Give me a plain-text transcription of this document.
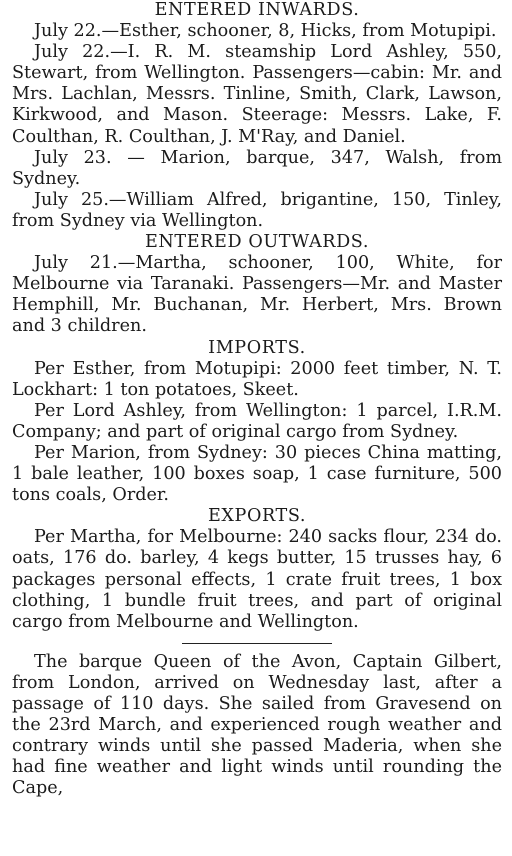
ENTERED INWARDS.

July 22.—Esther, schooner, 8, Hicks, from Motupipi.

July 22.—I. R. M. steamship Lord Ashley, 550, Stewart, from Wellington. Passengers—cabin: Mr. and Mrs. Lachlan, Messrs. Tinline, Smith, Clark, Lawson, Kirkwood, and Mason. Steerage: Messrs. Lake, F. Coulthan, R. Coulthan, J. M'Ray, and Daniel.

July 23. — Marion, barque, 347, Walsh, from Sydney.

July 25.—William Alfred, brigantine, 150, Tinley, from Sydney via Wellington.

ENTERED OUTWARDS.

July 21.—Martha, schooner, 100, White, for Melbourne via Taranaki. Passengers—Mr. and Master Hemphill, Mr. Buchanan, Mr. Herbert, Mrs. Brown and 3 children.

IMPORTS.

Per Esther, from Motupipi: 2000 feet timber, N. T. Lockhart: 1 ton potatoes, Skeet.

Per Lord Ashley, from Wellington: 1 parcel, I.R.M. Company; and part of original cargo from Sydney.

Per Marion, from Sydney: 30 pieces China matting, 1 bale leather, 100 boxes soap, 1 case furniture, 500 tons coals, Order.

EXPORTS.

Per Martha, for Melbourne: 240 sacks flour, 234 do. oats, 176 do. barley, 4 kegs butter, 15 trusses hay, 6 packages personal effects, 1 crate fruit trees, 1 box clothing, 1 bundle fruit trees, and part of original cargo from Melbourne and Wellington.

The barque Queen of the Avon, Captain Gilbert, from London, arrived on Wednesday last, after a passage of 110 days. She sailed from Gravesend on the 23rd March, and experienced rough weather and contrary winds until she passed Maderia, when she had fine weather and light winds until rounding the Cape,
